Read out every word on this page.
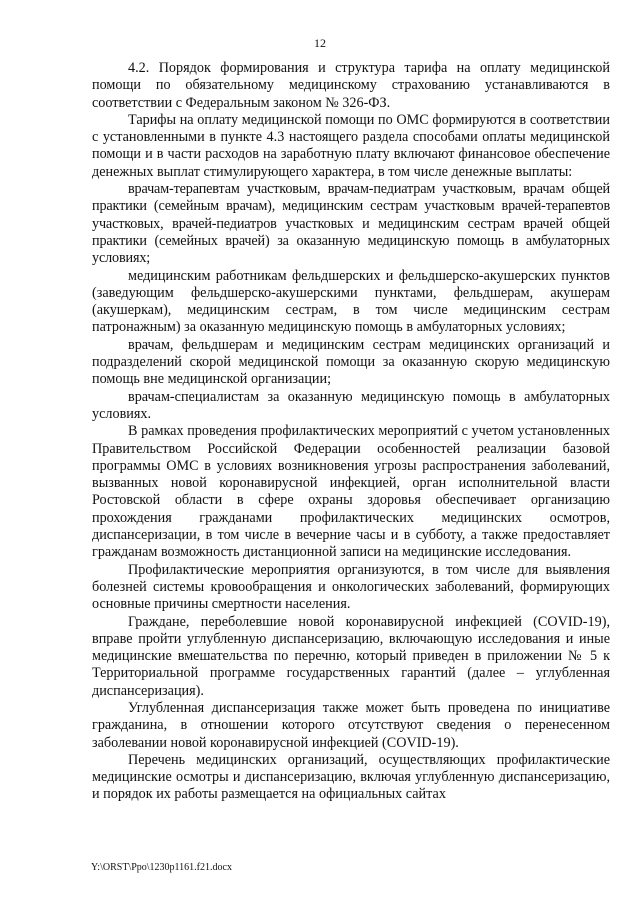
12

4.2. Порядок формирования и структура тарифа на оплату медицинской помощи по обязательному медицинскому страхованию устанавливаются в соответствии с Федеральным законом № 326-ФЗ.

Тарифы на оплату медицинской помощи по ОМС формируются в соответствии с установленными в пункте 4.3 настоящего раздела способами оплаты медицинской помощи и в части расходов на заработную плату включают финансовое обеспечение денежных выплат стимулирующего характера, в том числе денежные выплаты:

врачам-терапевтам участковым, врачам-педиатрам участковым, врачам общей практики (семейным врачам), медицинским сестрам участковым врачей-терапевтов участковых, врачей-педиатров участковых и медицинским сестрам врачей общей практики (семейных врачей) за оказанную медицинскую помощь в амбулаторных условиях;

медицинским работникам фельдшерских и фельдшерско-акушерских пунктов (заведующим фельдшерско-акушерскими пунктами, фельдшерам, акушерам (акушеркам), медицинским сестрам, в том числе медицинским сестрам патронажным) за оказанную медицинскую помощь в амбулаторных условиях;

врачам, фельдшерам и медицинским сестрам медицинских организаций и подразделений скорой медицинской помощи за оказанную скорую медицинскую помощь вне медицинской организации;

врачам-специалистам за оказанную медицинскую помощь в амбулаторных условиях.

В рамках проведения профилактических мероприятий с учетом установленных Правительством Российской Федерации особенностей реализации базовой программы ОМС в условиях возникновения угрозы распространения заболеваний, вызванных новой коронавирусной инфекцией, орган исполнительной власти Ростовской области в сфере охраны здоровья обеспечивает организацию прохождения гражданами профилактических медицинских осмотров, диспансеризации, в том числе в вечерние часы и в субботу, а также предоставляет гражданам возможность дистанционной записи на медицинские исследования.

Профилактические мероприятия организуются, в том числе для выявления болезней системы кровообращения и онкологических заболеваний, формирующих основные причины смертности населения.

Граждане, переболевшие новой коронавирусной инфекцией (COVID-19), вправе пройти углубленную диспансеризацию, включающую исследования и иные медицинские вмешательства по перечню, который приведен в приложении № 5 к Территориальной программе государственных гарантий (далее – углубленная диспансеризация).

Углубленная диспансеризация также может быть проведена по инициативе гражданина, в отношении которого отсутствуют сведения о перенесенном заболевании новой коронавирусной инфекцией (COVID-19).

Перечень медицинских организаций, осуществляющих профилактические медицинские осмотры и диспансеризацию, включая углубленную диспансеризацию, и порядок их работы размещается на официальных сайтах

Y:\ORST\Ppo\1230p1161.f21.docx
